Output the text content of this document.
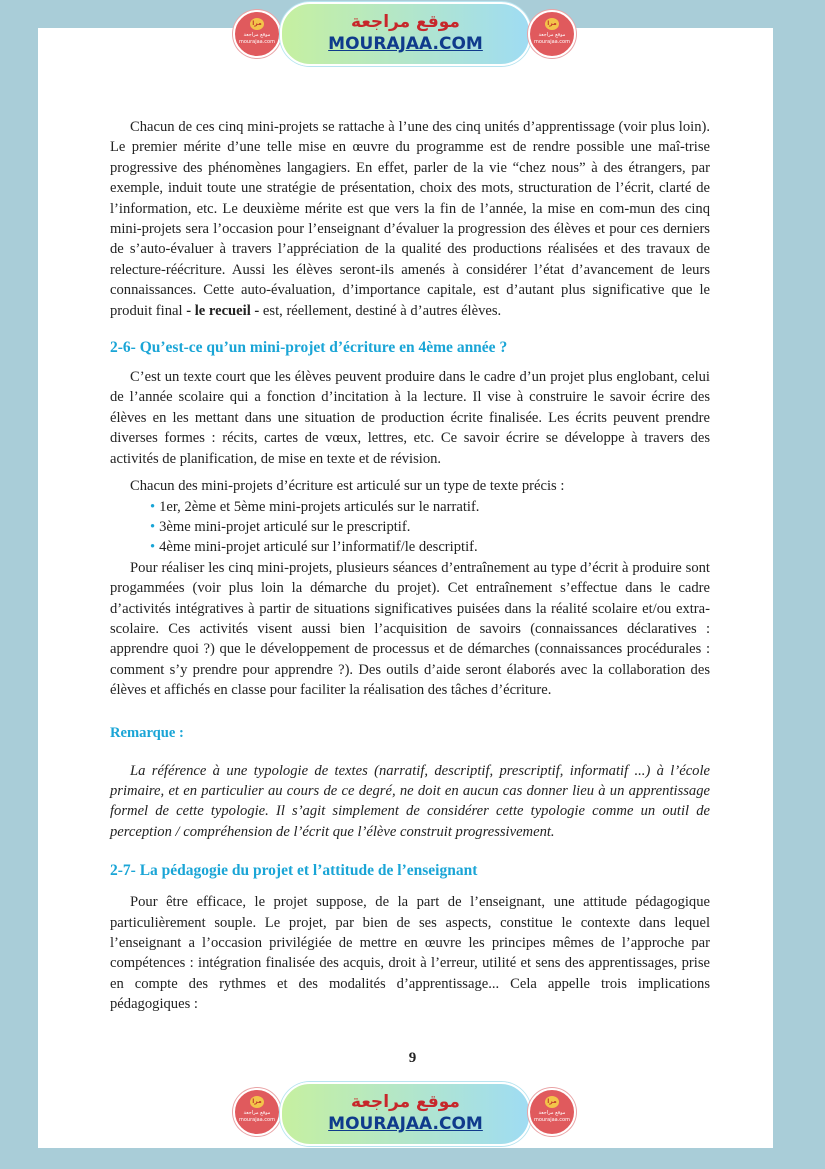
مرا
موقع مراجعة
mourajaa.com
موقع مراجعة
MOURAJAA.COM
مرا
موقع مراجعة
mourajaa.com

Chacun de ces cinq mini-projets se rattache à l’une des cinq unités d’apprentissage (voir plus loin). Le premier mérite d’une telle mise en œuvre du programme est de rendre possible une maî-trise progressive des phénomènes langagiers. En effet, parler de la vie “chez nous” à des étrangers, par exemple, induit toute une stratégie de présentation, choix des mots, structuration de l’écrit, clarté de l’information, etc. Le deuxième mérite est que vers la fin de l’année, la mise en com-mun des cinq mini-projets sera l’occasion pour l’enseignant d’évaluer la progression des élèves et pour ces derniers de s’auto-évaluer à travers l’appréciation de la qualité des productions réalisées et des travaux de relecture-réécriture. Aussi les élèves seront-ils amenés à considérer l’état d’avancement de leurs connaissances. Cette auto-évaluation, d’importance capitale, est d’autant plus significative que le produit final - le recueil - est, réellement, destiné à d’autres élèves.

2-6- Qu’est-ce qu’un mini-projet d’écriture en 4ème année ?

C’est un texte court que les élèves peuvent produire dans le cadre d’un projet plus englobant, celui de l’année scolaire qui a fonction d’incitation à la lecture. Il vise à construire le savoir écrire des élèves en les mettant dans une situation de production écrite finalisée. Les écrits peuvent prendre diverses formes : récits, cartes de vœux, lettres, etc. Ce savoir écrire se développe à travers des activités de planification, de mise en texte et de révision.

Chacun des mini-projets d’écriture est articulé sur un type de texte précis :

• 1er, 2ème et 5ème mini-projets articulés sur le narratif.
• 3ème mini-projet articulé sur le prescriptif.
• 4ème mini-projet articulé sur l’informatif/le descriptif.

Pour réaliser les cinq mini-projets, plusieurs séances d’entraînement au type d’écrit à produire sont progammées (voir plus loin la démarche du projet). Cet entraînement s’effectue dans le cadre d’activités intégratives à partir de situations significatives puisées dans la réalité scolaire et/ou extra-scolaire. Ces activités visent aussi bien l’acquisition de savoirs (connaissances déclaratives : apprendre quoi ?) que le développement de processus et de démarches (connaissances procédurales : comment s’y prendre pour apprendre ?). Des outils d’aide seront élaborés avec la collaboration des élèves et affichés en classe pour faciliter la réalisation des tâches d’écriture.

Remarque :

La référence à une typologie de textes (narratif, descriptif, prescriptif, informatif ...) à l’école primaire, et en particulier au cours de ce degré, ne doit en aucun cas donner lieu à un apprentissage formel de cette typologie. Il s’agit simplement de considérer cette typologie comme un outil de perception / compréhension de l’écrit que l’élève construit progressivement.

2-7- La pédagogie du projet et l’attitude de l’enseignant

Pour être efficace, le projet suppose, de la part de l’enseignant, une attitude pédagogique particulièrement souple. Le projet, par bien de ses aspects, constitue le contexte dans lequel l’enseignant a l’occasion privilégiée de mettre en œuvre les principes mêmes de l’approche par compétences : intégration finalisée des acquis, droit à l’erreur, utilité et sens des apprentissages, prise en compte des rythmes et des modalités d’apprentissage... Cela appelle trois implications pédagogiques :

9
مرا
موقع مراجعة
mourajaa.com
موقع مراجعة
MOURAJAA.COM
مرا
موقع مراجعة
mourajaa.com
